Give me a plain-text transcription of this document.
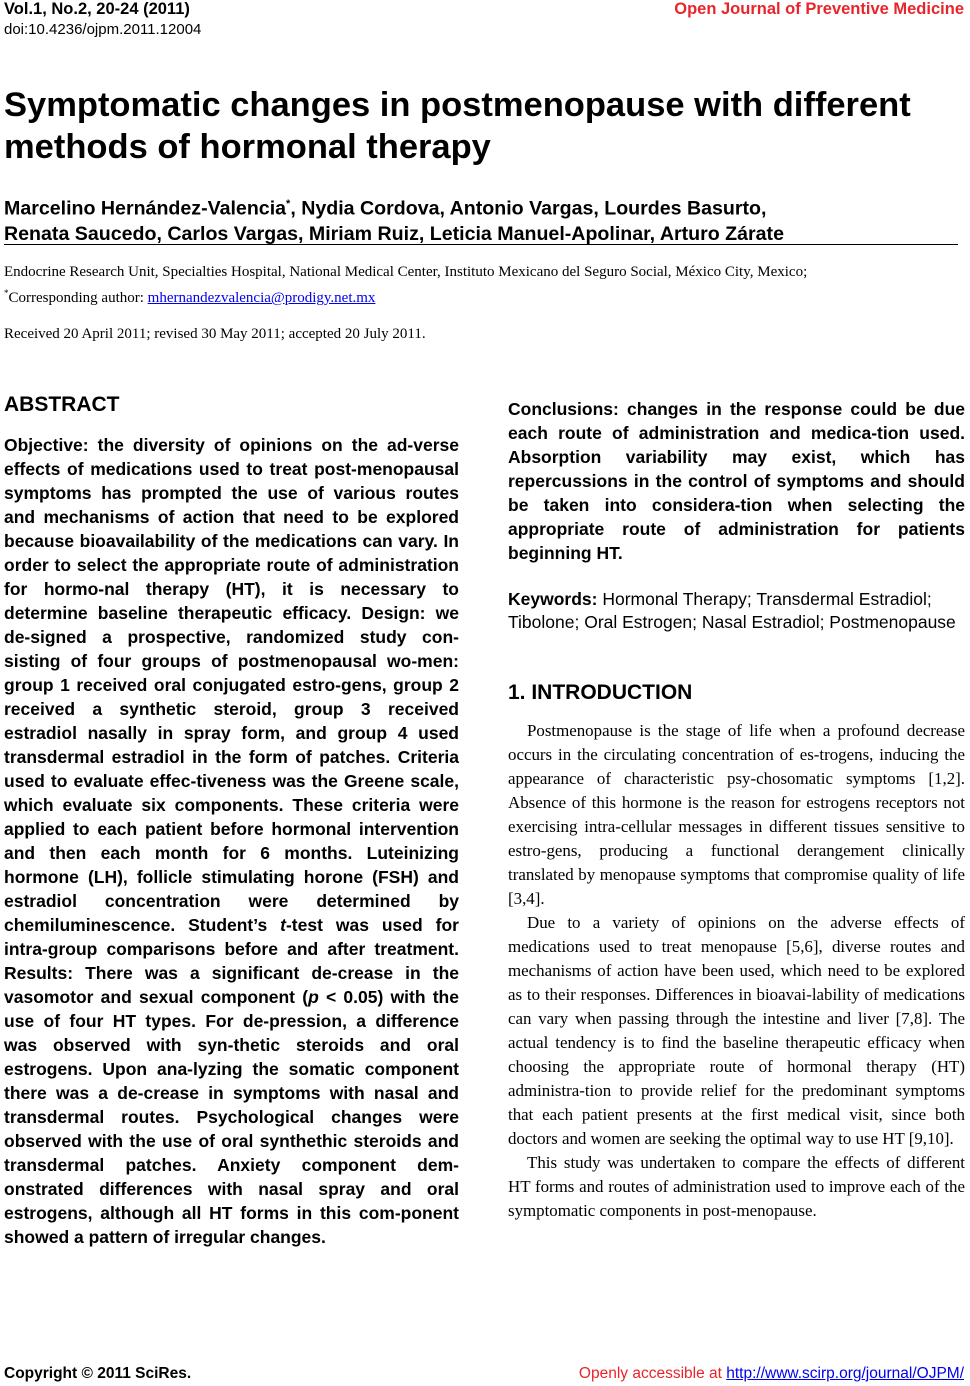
Vol.1, No.2, 20-24 (2011)
doi:10.4236/ojpm.2011.12004
Open Journal of Preventive Medicine
Symptomatic changes in postmenopause with different methods of hormonal therapy
Marcelino Hernández-Valencia*, Nydia Cordova, Antonio Vargas, Lourdes Basurto,
Renata Saucedo, Carlos Vargas, Miriam Ruiz, Leticia Manuel-Apolinar, Arturo Zárate
Endocrine Research Unit, Specialties Hospital, National Medical Center, Instituto Mexicano del Seguro Social, México City, Mexico;
*Corresponding author: mhernandezvalencia@prodigy.net.mx
Received 20 April 2011; revised 30 May 2011; accepted 20 July 2011.
ABSTRACT
Objective: the diversity of opinions on the ad-verse effects of medications used to treat post-menopausal symptoms has prompted the use of various routes and mechanisms of action that need to be explored because bioavailability of the medications can vary. In order to select the appropriate route of administration for hormo-nal therapy (HT), it is necessary to determine baseline therapeutic efficacy. Design: we de-signed a prospective, randomized study con-sisting of four groups of postmenopausal wo-men: group 1 received oral conjugated estro-gens, group 2 received a synthetic steroid, group 3 received estradiol nasally in spray form, and group 4 used transdermal estradiol in the form of patches. Criteria used to evaluate effec-tiveness was the Greene scale, which evaluate six components. These criteria were applied to each patient before hormonal intervention and then each month for 6 months. Luteinizing hormone (LH), follicle stimulating horone (FSH) and estradiol concentration were determined by chemiluminescence. Student’s t-test was used for intra-group comparisons before and after treatment. Results: There was a significant de-crease in the vasomotor and sexual component (p < 0.05) with the use of four HT types. For de-pression, a difference was observed with syn-thetic steroids and oral estrogens. Upon ana-lyzing the somatic component there was a de-crease in symptoms with nasal and transdermal routes. Psychological changes were observed with the use of oral synthethic steroids and transdermal patches. Anxiety component dem-onstrated differences with nasal spray and oral estrogens, although all HT forms in this com-ponent showed a pattern of irregular changes.
Conclusions: changes in the response could be due each route of administration and medica-tion used. Absorption variability may exist, which has repercussions in the control of symptoms and should be taken into considera-tion when selecting the appropriate route of administration for patients beginning HT.
Keywords: Hormonal Therapy; Transdermal Estradiol; Tibolone; Oral Estrogen; Nasal Estradiol; Postmenopause
1. INTRODUCTION

Postmenopause is the stage of life when a profound decrease occurs in the circulating concentration of es-trogens, inducing the appearance of characteristic psy-chosomatic symptoms [1,2]. Absence of this hormone is the reason for estrogens receptors not exercising intra-cellular messages in different tissues sensitive to estro-gens, producing a functional derangement clinically translated by menopause symptoms that compromise quality of life [3,4].

Due to a variety of opinions on the adverse effects of medications used to treat menopause [5,6], diverse routes and mechanisms of action have been used, which need to be explored as to their responses. Differences in bioavai-lability of medications can vary when passing through the intestine and liver [7,8]. The actual tendency is to find the baseline therapeutic efficacy when choosing the appropriate route of hormonal therapy (HT) administra-tion to provide relief for the predominant symptoms that each patient presents at the first medical visit, since both doctors and women are seeking the optimal way to use HT [9,10].

This study was undertaken to compare the effects of different HT forms and routes of administration used to improve each of the symptomatic components in post-menopause.

Copyright © 2011 SciRes.	Openly accessible at http://www.scirp.org/journal/OJPM/
